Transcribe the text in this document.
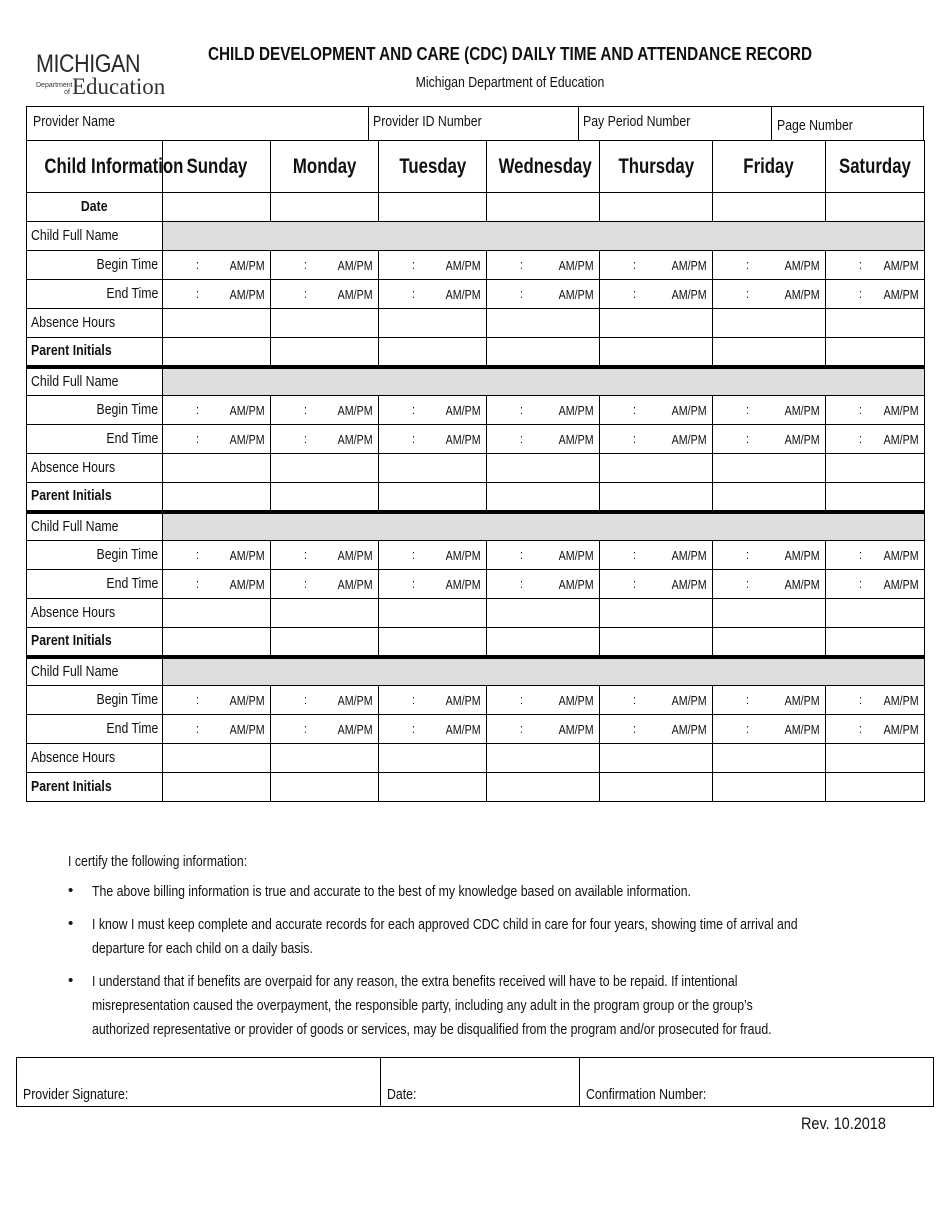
MICHIGAN
Department of Education
CHILD DEVELOPMENT AND CARE (CDC) DAILY TIME AND ATTENDANCE RECORD
Michigan Department of Education
Provider Name	Provider ID Number	Pay Period Number	Page Number
Child Information	Sunday	Monday	Tuesday	Wednesday	Thursday	Friday	Saturday
Date							
Child Full Name							
Begin Time	: AM/PM	: AM/PM	: AM/PM	: AM/PM	: AM/PM	: AM/PM	: AM/PM

End Time	: AM/PM	: AM/PM	: AM/PM	: AM/PM	: AM/PM	: AM/PM	: AM/PM

Absence Hours							
Parent Initials							
Child Full Name							
Begin Time	: AM/PM	: AM/PM	: AM/PM	: AM/PM	: AM/PM	: AM/PM	: AM/PM

End Time	: AM/PM	: AM/PM	: AM/PM	: AM/PM	: AM/PM	: AM/PM	: AM/PM

Absence Hours							
Parent Initials							
Child Full Name							
Begin Time	: AM/PM	: AM/PM	: AM/PM	: AM/PM	: AM/PM	: AM/PM	: AM/PM

End Time	: AM/PM	: AM/PM	: AM/PM	: AM/PM	: AM/PM	: AM/PM	: AM/PM

Absence Hours							
Parent Initials							
Child Full Name							
Begin Time	: AM/PM	: AM/PM	: AM/PM	: AM/PM	: AM/PM	: AM/PM	: AM/PM

End Time	: AM/PM	: AM/PM	: AM/PM	: AM/PM	: AM/PM	: AM/PM	: AM/PM

Absence Hours							
Parent Initials							
I certify the following information:
• The above billing information is true and accurate to the best of my knowledge based on available information.
• I know I must keep complete and accurate records for each approved CDC child in care for four years, showing time of arrival and
departure for each child on a daily basis.
• I understand that if benefits are overpaid for any reason, the extra benefits received will have to be repaid. If intentional
misrepresentation caused the overpayment, the responsible party, including any adult in the program group or the group’s
authorized representative or provider of goods or services, may be disqualified from the program and/or prosecuted for fraud.
Provider Signature:	Date:	Confirmation Number:
Rev. 10.2018
